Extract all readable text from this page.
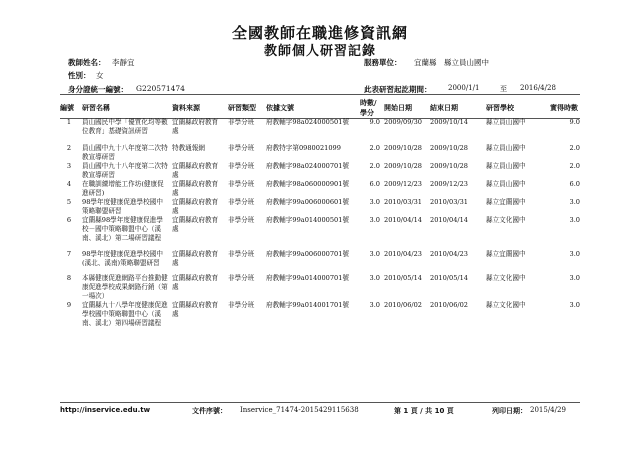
全國教師在職進修資訊網
教師個人研習記錄
教師姓名： 李靜宜	服務單位： 宜蘭縣　縣立員山國中
性別： 女
身分證統一編號： G220571474	此表研習起訖期間： 2000/1/1	至 2016/4/28
編號	研習名稱	資料來源	研習類型	依據文號	時數/學分	開始日期	結束日期	研習學校	實得時數
1	員山國民中學「優質化均等數位教育」基礎資訊研習	宜蘭縣政府教育處	非學分班	府教輔字98a024000501號	9.0	2009/09/30	2009/10/14	縣立員山國中	9.0
2	員山國中九十八年度第二次特教宣導研習	特教通報網	非學分班	府教特字第0980021099	2.0	2009/10/28	2009/10/28	縣立員山國中	2.0
3	員山國中九十八年度第二次特教宣導研習	宜蘭縣政府教育處	非學分班	府教輔字98a024000701號	2.0	2009/10/28	2009/10/28	縣立員山國中	2.0
4	在職訓練增能工作坊(健康促進研習)	宜蘭縣政府教育處	非學分班	府教輔字98a060000901號	6.0	2009/12/23	2009/12/23	縣立員山國中	6.0
5	98學年度健康促進學校國中策略聯盟研習	宜蘭縣政府教育處	非學分班	府教輔字99a006000601號	3.0	2010/03/31	2010/03/31	縣立宜蘭國中	3.0
6	宜蘭縣98學年度健康促進學校－國中策略聯盟中心（溪南、溪北）第二場研習議程	宜蘭縣政府教育處	非學分班	府教輔字99a014000501號	3.0	2010/04/14	2010/04/14	縣立文化國中	3.0
7	98學年度健康促進學校國中(溪北、溪南)策略聯盟研習	宜蘭縣政府教育處	非學分班	府教輔字99a006000701號	3.0	2010/04/23	2010/04/23	縣立宜蘭國中	3.0
8	本縣健康促進網路平台推動健康促進學校成果網路行銷（第一場次）	宜蘭縣政府教育處	非學分班	府教輔字99a014000701號	3.0	2010/05/14	2010/05/14	縣立文化國中	3.0
9	宜蘭縣九十八學年度健康促進學校國中策略聯盟中心（溪南、溪北）第四場研習議程	宜蘭縣政府教育處	非學分班	府教輔字99a014001701號	3.0	2010/06/02	2010/06/02	縣立文化國中	3.0
http://inservice.edu.tw	文件序號： Inservice_71474-2015429115638	第 1 頁 / 共 10 頁	列印日期： 2015/4/29
